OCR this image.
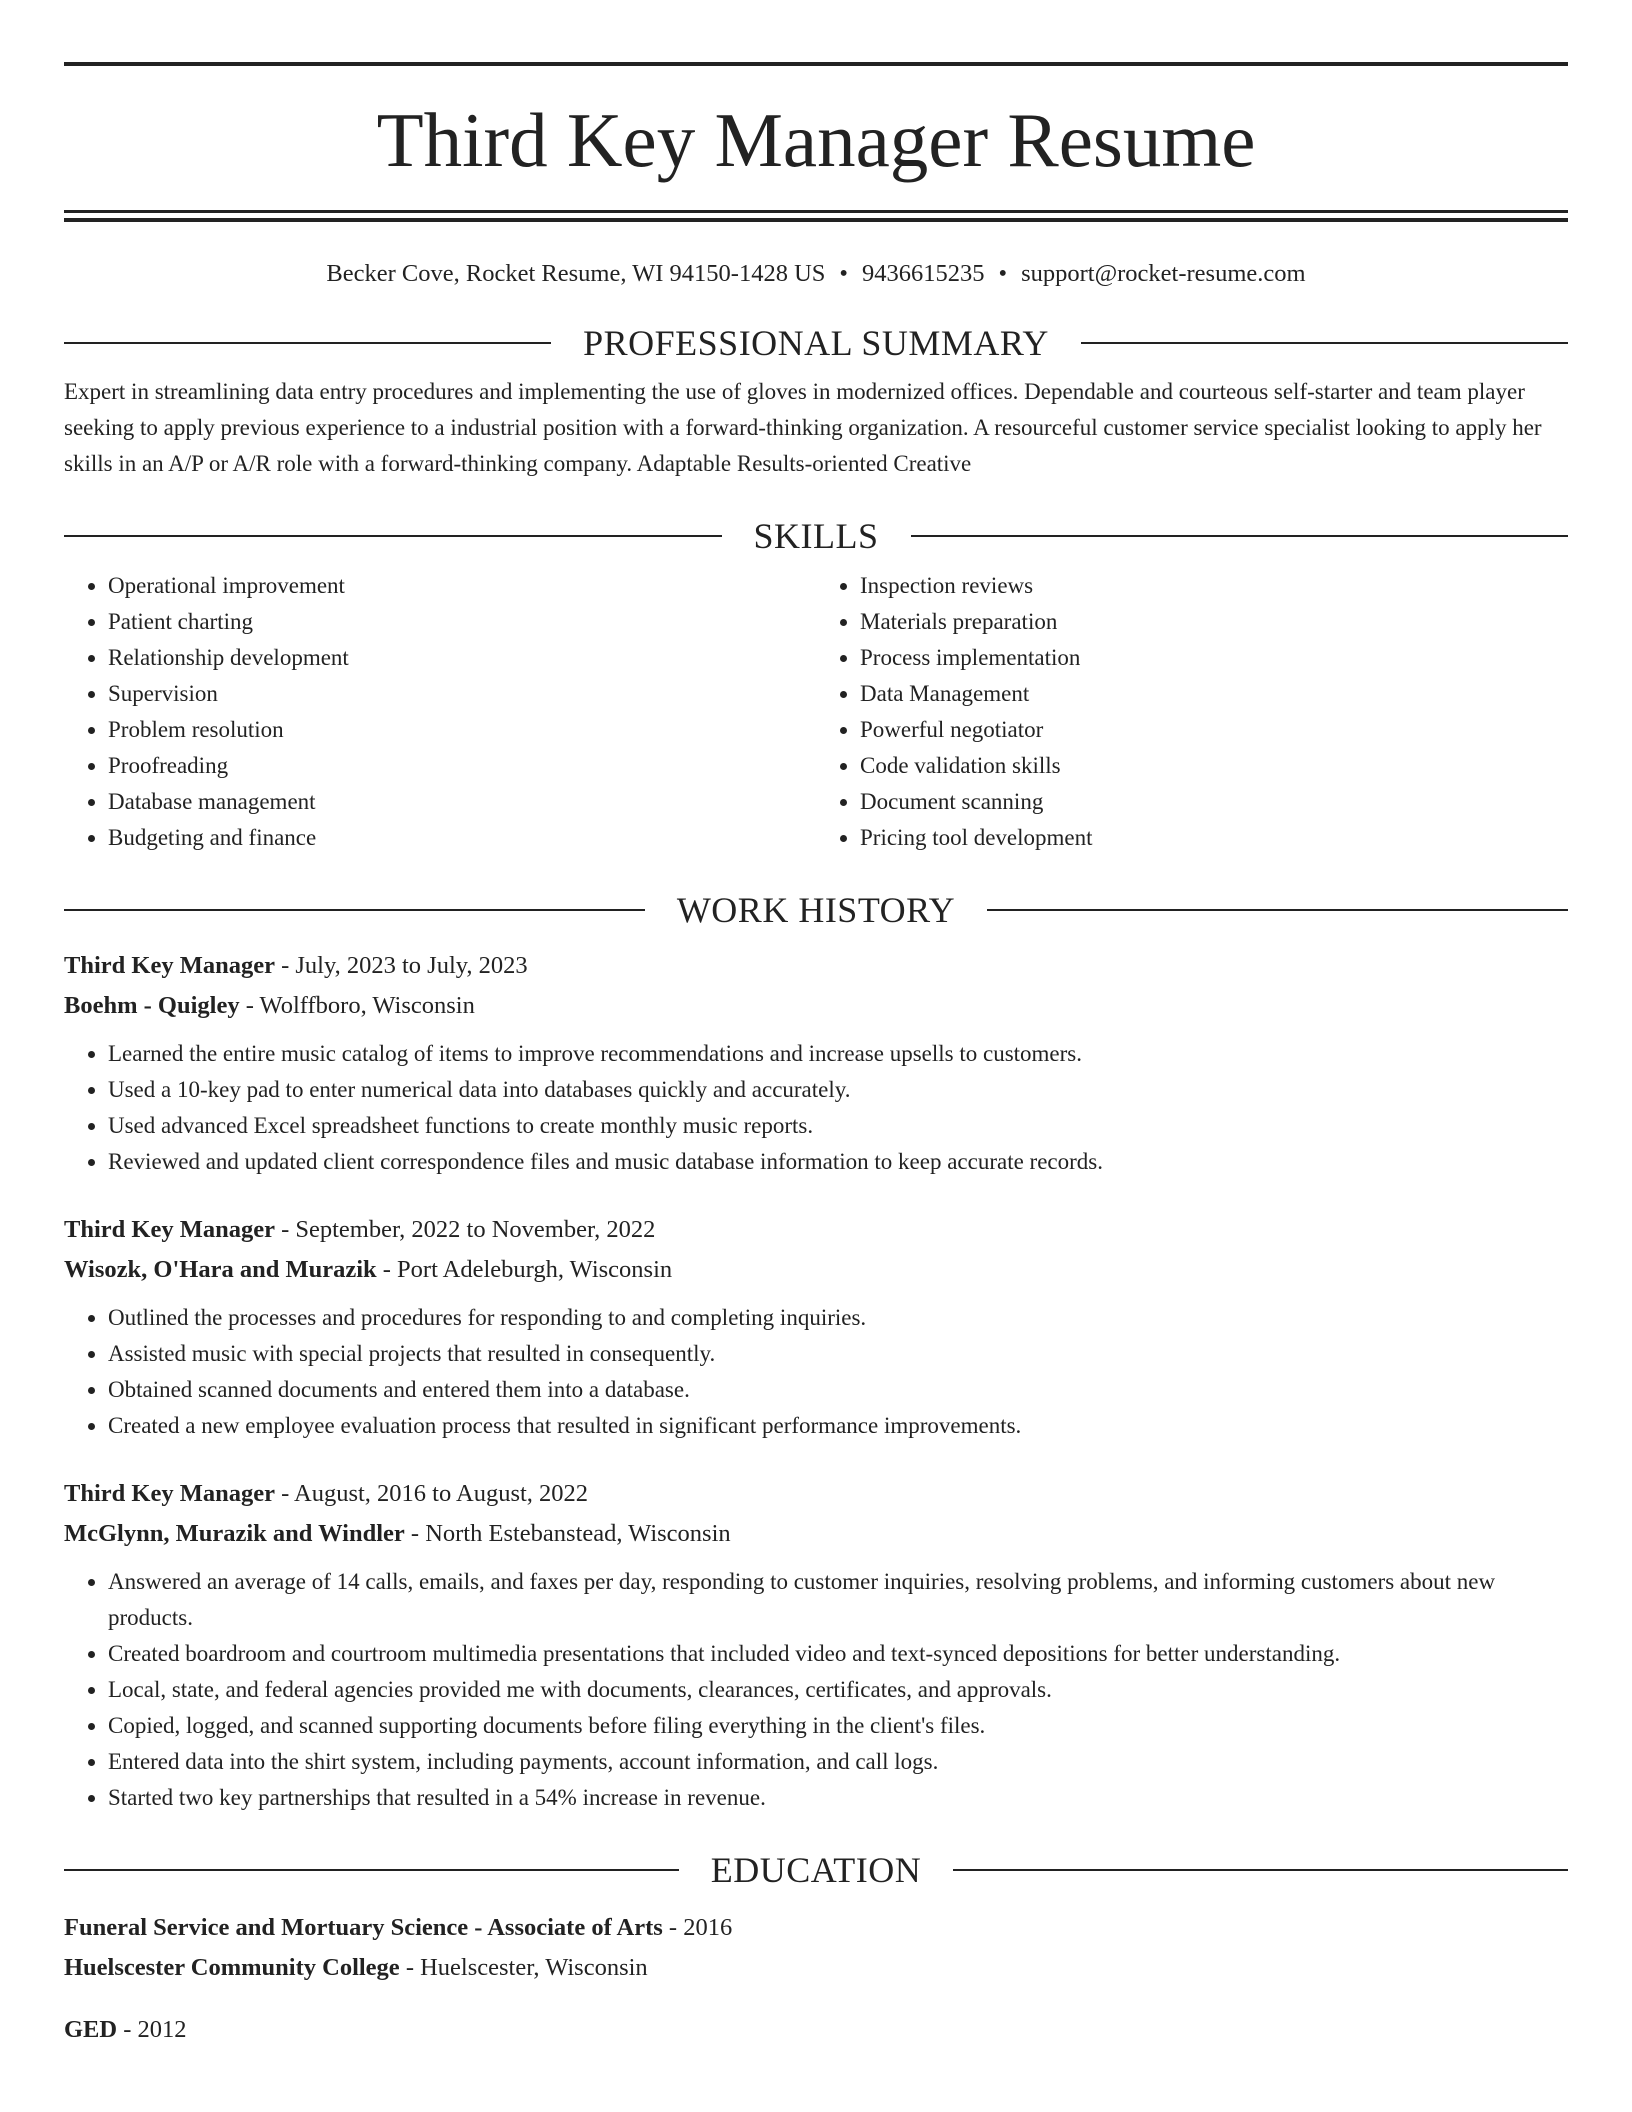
Third Key Manager Resume
Becker Cove, Rocket Resume, WI 94150-1428 US • 9436615235 • support@rocket-resume.com
PROFESSIONAL SUMMARY
Expert in streamlining data entry procedures and implementing the use of gloves in modernized offices. Dependable and courteous self-starter and team player seeking to apply previous experience to a industrial position with a forward-thinking organization. A resourceful customer service specialist looking to apply her skills in an A/P or A/R role with a forward-thinking company. Adaptable Results-oriented Creative
SKILLS
• Operational improvement
• Patient charting
• Relationship development
• Supervision
• Problem resolution
• Proofreading
• Database management
• Budgeting and finance
• Inspection reviews
• Materials preparation
• Process implementation
• Data Management
• Powerful negotiator
• Code validation skills
• Document scanning
• Pricing tool development
WORK HISTORY
Third Key Manager - July, 2023 to July, 2023
Boehm - Quigley - Wolffboro, Wisconsin
• Learned the entire music catalog of items to improve recommendations and increase upsells to customers.
• Used a 10-key pad to enter numerical data into databases quickly and accurately.
• Used advanced Excel spreadsheet functions to create monthly music reports.
• Reviewed and updated client correspondence files and music database information to keep accurate records.
Third Key Manager - September, 2022 to November, 2022
Wisozk, O'Hara and Murazik - Port Adeleburgh, Wisconsin
• Outlined the processes and procedures for responding to and completing inquiries.
• Assisted music with special projects that resulted in consequently.
• Obtained scanned documents and entered them into a database.
• Created a new employee evaluation process that resulted in significant performance improvements.
Third Key Manager - August, 2016 to August, 2022
McGlynn, Murazik and Windler - North Estebanstead, Wisconsin
• Answered an average of 14 calls, emails, and faxes per day, responding to customer inquiries, resolving problems, and informing customers about new products.
• Created boardroom and courtroom multimedia presentations that included video and text-synced depositions for better understanding.
• Local, state, and federal agencies provided me with documents, clearances, certificates, and approvals.
• Copied, logged, and scanned supporting documents before filing everything in the client's files.
• Entered data into the shirt system, including payments, account information, and call logs.
• Started two key partnerships that resulted in a 54% increase in revenue.
EDUCATION
Funeral Service and Mortuary Science - Associate of Arts - 2016
Huelscester Community College - Huelscester, Wisconsin
GED - 2012
